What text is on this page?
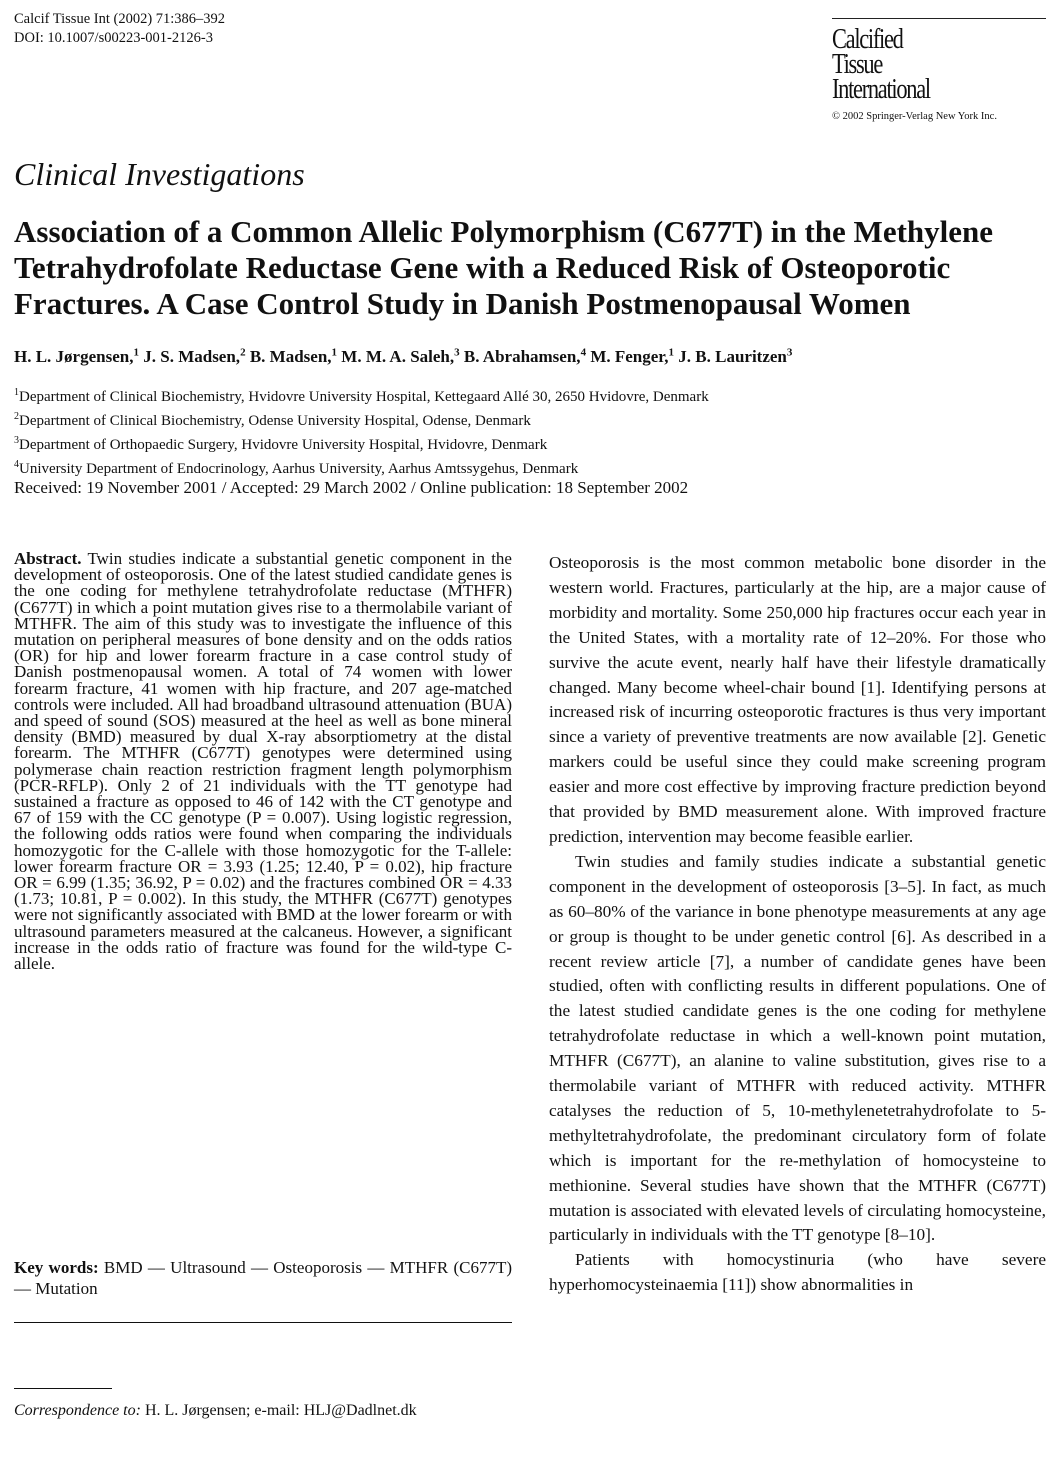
Calcif Tissue Int (2002) 71:386–392
DOI: 10.1007/s00223-001-2126-3	Calcified
Tissue
International
© 2002 Springer-Verlag New York Inc.
Clinical Investigations
Association of a Common Allelic Polymorphism (C677T) in the Methylene
Tetrahydrofolate Reductase Gene with a Reduced Risk of Osteoporotic
Fractures. A Case Control Study in Danish Postmenopausal Women
H. L. Jørgensen,$^1$ J. S. Madsen,$^2$ B. Madsen,$^1$ M. M. A. Saleh,$^3$ B. Abrahamsen,$^4$ M. Fenger,$^1$ J. B. Lauritzen$^3$
$^1$Department of Clinical Biochemistry, Hvidovre University Hospital, Kettegaard Allé 30, 2650 Hvidovre, Denmark
$^2$Department of Clinical Biochemistry, Odense University Hospital, Odense, Denmark
$^3$Department of Orthopaedic Surgery, Hvidovre University Hospital, Hvidovre, Denmark
$^4$University Department of Endocrinology, Aarhus University, Aarhus Amtssygehus, Denmark
Received: 19 November 2001 / Accepted: 29 March 2002 / Online publication: 18 September 2002
Abstract. Twin studies indicate a substantial genetic component in the development of osteoporosis. One of the latest studied candidate genes is the one coding for methylene tetrahydrofolate reductase (MTHFR) (C677T) in which a point mutation gives rise to a thermolabile variant of MTHFR. The aim of this study was to investigate the influence of this mutation on peripheral measures of bone density and on the odds ratios (OR) for hip and lower forearm fracture in a case control study of Danish postmenopausal women. A total of 74 women with lower forearm fracture, 41 women with hip fracture, and 207 age-matched controls were included. All had broadband ultrasound attenuation (BUA) and speed of sound (SOS) measured at the heel as well as bone mineral density (BMD) measured by dual X-ray absorptiometry at the distal forearm. The MTHFR (C677T) genotypes were determined using polymerase chain reaction restriction fragment length polymorphism (PCR-RFLP). Only 2 of 21 individuals with the TT genotype had sustained a fracture as opposed to 46 of 142 with the CT genotype and 67 of 159 with the CC genotype (P = 0.007). Using logistic regression, the following odds ratios were found when comparing the individuals homozygotic for the C-allele with those homozygotic for the T-allele: lower forearm fracture OR = 3.93 (1.25; 12.40, P = 0.02), hip fracture OR = 6.99 (1.35; 36.92, P = 0.02) and the fractures combined OR = 4.33 (1.73; 10.81, P = 0.002). In this study, the MTHFR (C677T) genotypes were not significantly associated with BMD at the lower forearm or with ultrasound parameters measured at the calcaneus. However, a significant increase in the odds ratio of fracture was found for the wild-type C-allele.
Key words: BMD — Ultrasound — Osteoporosis — MTHFR (C677T) — Mutation
Correspondence to: H. L. Jørgensen; e-mail: HLJ@Dadlnet.dk

Osteoporosis is the most common metabolic bone disorder in the western world. Fractures, particularly at the hip, are a major cause of morbidity and mortality. Some 250,000 hip fractures occur each year in the United States, with a mortality rate of 12–20%. For those who survive the acute event, nearly half have their lifestyle dramatically changed. Many become wheel-chair bound [1]. Identifying persons at increased risk of incurring osteoporotic fractures is thus very important since a variety of preventive treatments are now available [2]. Genetic markers could be useful since they could make screening program easier and more cost effective by improving fracture prediction beyond that provided by BMD measurement alone. With improved fracture prediction, intervention may become feasible earlier.

Twin studies and family studies indicate a substantial genetic component in the development of osteoporosis [3–5]. In fact, as much as 60–80% of the variance in bone phenotype measurements at any age or group is thought to be under genetic control [6]. As described in a recent review article [7], a number of candidate genes have been studied, often with conflicting results in different populations. One of the latest studied candidate genes is the one coding for methylene tetrahydrofolate reductase in which a well-known point mutation, MTHFR (C677T), an alanine to valine substitution, gives rise to a thermolabile variant of MTHFR with reduced activity. MTHFR catalyses the reduction of 5, 10-methylenetetrahydrofolate to 5-methyltetrahydrofolate, the predominant circulatory form of folate which is important for the re-methylation of homocysteine to methionine. Several studies have shown that the MTHFR (C677T) mutation is associated with elevated levels of circulating homocysteine, particularly in individuals with the TT genotype [8–10].

Patients with homocystinuria (who have severe hyperhomocysteinaemia [11]) show abnormalities in
